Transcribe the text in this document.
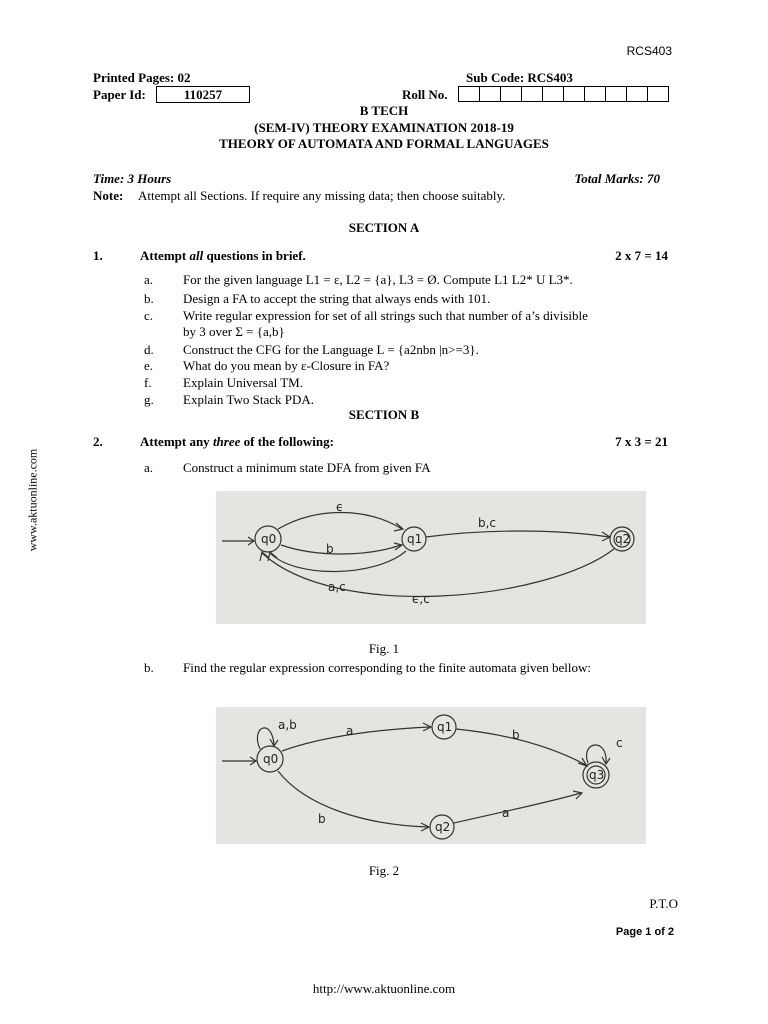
RCS403
Printed Pages: 02	Sub Code: RCS403
Paper Id:	110257	Roll No.
B TECH
(SEM-IV) THEORY EXAMINATION 2018-19
THEORY OF AUTOMATA AND FORMAL LANGUAGES
Time: 3 Hours	Total Marks: 70
Note: Attempt all Sections. If require any missing data; then choose suitably.
SECTION A
1.	Attempt all questions in brief.	2 x 7 = 14
a. For the given language L1 = ε, L2 = {a}, L3 = Ø. Compute L1 L2* U L3*.
b. Design a FA to accept the string that always ends with 101.
c. Write regular expression for set of all strings such that number of a’s divisible
by 3 over Σ = {a,b}
d. Construct the CFG for the Language L = {a2nbn |n>=3}.
e. What do you mean by ε-Closure in FA?
f. Explain Universal TM.
g. Explain Two Stack PDA.
SECTION B
2.	Attempt any three of the following:	7 x 3 = 21
a. Construct a minimum state DFA from given FA
q0	q1	q2
ϵ
b
b,c
a,c
ϵ,c
Fig. 1
b. Find the regular expression corresponding to the finite automata given bellow:
q0
q1
q2
q3
a,b	a	b
b	a
c
Fig. 2
P.T.O
Page 1 of 2
http://www.aktuonline.com
www.aktuonline.com
